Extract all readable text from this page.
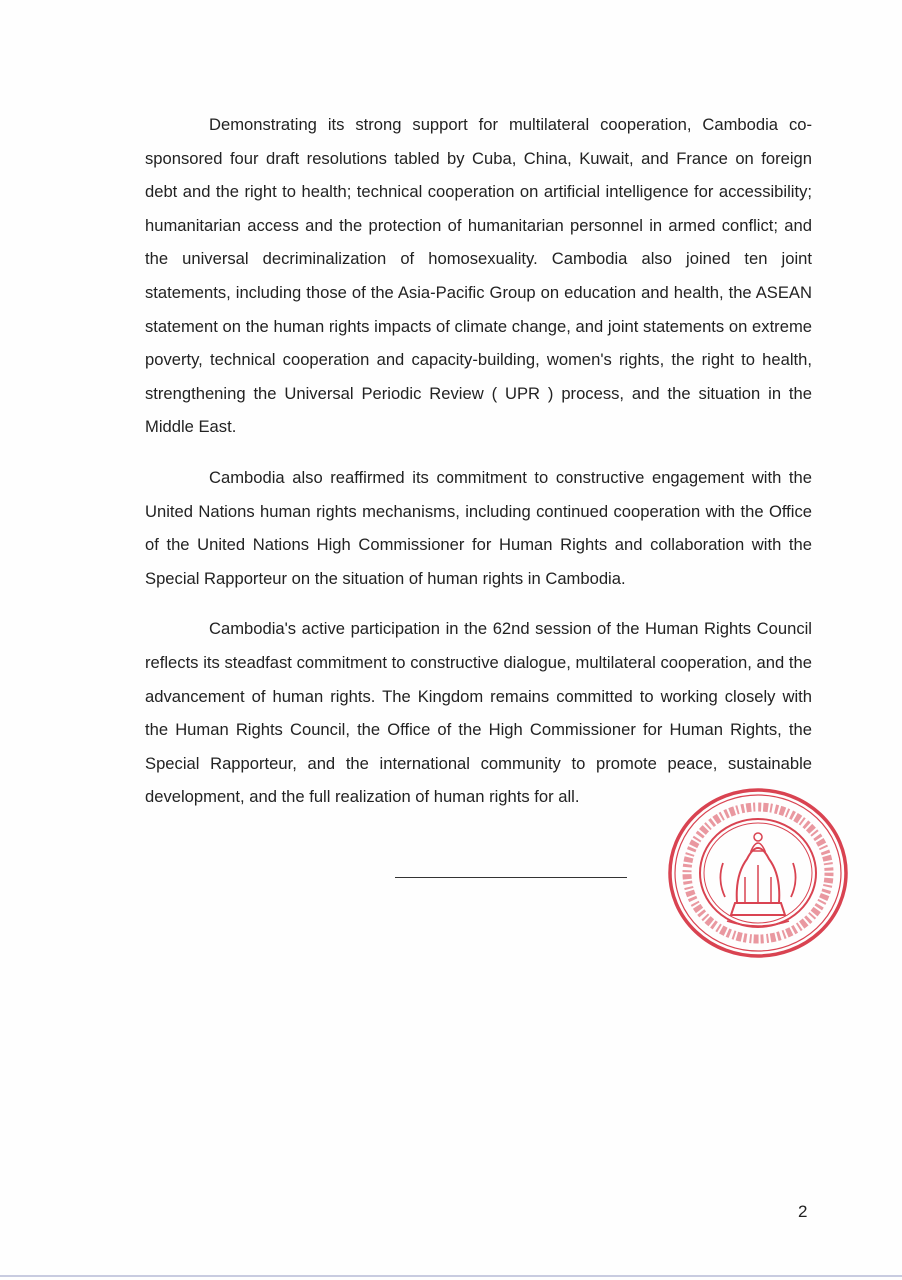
Demonstrating its strong support for multilateral cooperation, Cambodia co-sponsored four draft resolutions tabled by Cuba, China, Kuwait, and France on foreign debt and the right to health; technical cooperation on artificial intelligence for accessibility; humanitarian access and the protection of humanitarian personnel in armed conflict; and the universal decriminalization of homosexuality. Cambodia also joined ten joint statements, including those of the Asia-Pacific Group on education and health, the ASEAN statement on the human rights impacts of climate change, and joint statements on extreme poverty, technical cooperation and capacity-building, women's rights, the right to health, strengthening the Universal Periodic Review ( UPR ) process, and the situation in the Middle East.

Cambodia also reaffirmed its commitment to constructive engagement with the United Nations human rights mechanisms, including continued cooperation with the Office of the United Nations High Commissioner for Human Rights and collaboration with the Special Rapporteur on the situation of human rights in Cambodia.

Cambodia's active participation in the 62nd session of the Human Rights Council reflects its steadfast commitment to constructive dialogue, multilateral cooperation, and the advancement of human rights. The Kingdom remains committed to working closely with the Human Rights Council, the Office of the High Commissioner for Human Rights, the Special Rapporteur, and the international community to promote peace, sustainable development, and the full realization of human rights for all.

2
